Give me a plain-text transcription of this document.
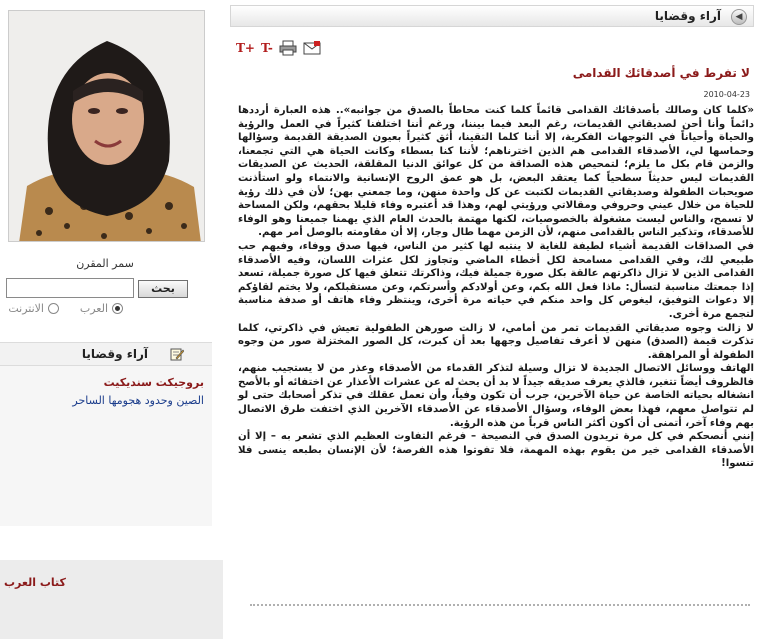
سمر المقرن
بحث
العرب
الانترنت
آراء وقضايا
بروجيكت سنديكيت
الصين وحدود هجومها الساحر
كتاب العرب
آراء وقضايا	◀
T+ T-
لا تفرط في أصدقائك القدامى
2010-04-23

«كلما كان وصالك بأصدقائك القدامى قائماً كلما كنت محاطاً بالصدق من جوانبه».. هذه العبارة أرددها دائماً وأنا أحن لصديقاتي القديمات، رغم البعد فيما بيننا، ورغم أننا اختلفنا كثيراً في العمل والرؤية والحياة وأحياناً في التوجهات الفكرية، إلا أننا كلما التقينا، أثق كثيراً بعيون الصديقة القديمة وسؤالها وحماسها لي، الأصدقاء القدامى هم الذين اخترناهم؛ لأننا كنا بسطاء وكانت الحياة هي التي تجمعنا، والزمن قام بكل ما يلزم؛ لتمحيص هذه الصداقة من كل عوائق الدنيا المقلقة، الحديث عن الصديقات القديمات ليس حديثاً سطحياً كما يعتقد البعض، بل هو عمق الروح الإنسانية والانتماء ولو استأذنت صويحبات الطفولة وصديقاتي القديمات لكتبت عن كل واحدة منهن، وما جمعني بهن؛ لأن في ذلك رؤية للحياة من خلال عيني وحروفي ومقالاتي ورؤيتي لهم، وهذا قد أعتبره وفاء قليلا بحقهم، ولكن المساحة لا تسمح، والناس ليست مشغولة بالخصوصيات، لكنها مهتمة بالحدث العام الذي يهمنا جميعنا وهو الوفاء للأصدقاء، وتذكير الناس بالقدامى منهم، لأن الزمن مهما طال وجار، إلا أن مقاومته بالوصل أمر مهم.

في الصداقات القديمة أشياء لطيفة للغاية لا ينتبه لها كثير من الناس، فيها صدق ووفاء، وفيهم حب طبيعي لك، وفي القدامى مسامحة لكل أخطاء الماضي وتجاوز لكل عثرات اللسان، وفيه الأصدقاء القدامى الذين لا تزال ذاكرتهم عالقة بكل صورة جميلة فيك، وذاكرتك تتعلق فيها كل صورة جميلة، تسعد إذا جمعتك مناسبة لتسأل: ماذا فعل الله بكم، وعن أولادكم وأسرتكم، وعن مستقبلكم، ولا يختم لقاؤكم إلا دعوات التوفيق، ليغوص كل واحد منكم في حياته مرة أخرى، وينتظر وفاء هاتف أو صدفة مناسبة لتجمع مرة أخرى.

لا زالت وجوه صديقاتي القديمات تمر من أمامي، لا زالت صورهن الطفولية تعيش في ذاكرتي، كلما تذكرت قيمة (الصدق) منهن لا أعرف تفاصيل وجهها بعد أن كبرت، كل الصور المختزلة صور من وجوه الطفولة أو المراهقة.

الهاتف ووسائل الاتصال الجديدة لا تزال وسيلة لتذكر القدماء من الأصدقاء وعذر من لا يستجيب منهم، فالظروف أيضاً تتغير، فالذي يعرف صديقه جيداً لا بد أن يحث له عن عشرات الأعذار عن اختفائه أو بالأصح انشغاله بحياته الخاصة عن حياة الآخرين، جرب أن تكون وفياً، وأن تعمل عقلك في تذكر أصحابك حتى لو لم تتواصل معهم، فهذا بعض الوفاء، وسؤال الأصدقاء عن الأصدقاء الآخرين الذي اختفت طرق الاتصال بهم وفاء آخر، أتمنى أن أكون أكثر الناس قرباً من هذه الرؤية.

إنني أنصحكم في كل مرة تريدون الصدق في النصيحة – فرغم التفاوت العظيم الذي تشعر به – إلا أن الأصدقاء القدامى خير من يقوم بهذه المهمة، فلا تفوتوا هذه الفرصة؛ لأن الإنسان بطبعه ينسى فلا تنسوا!
